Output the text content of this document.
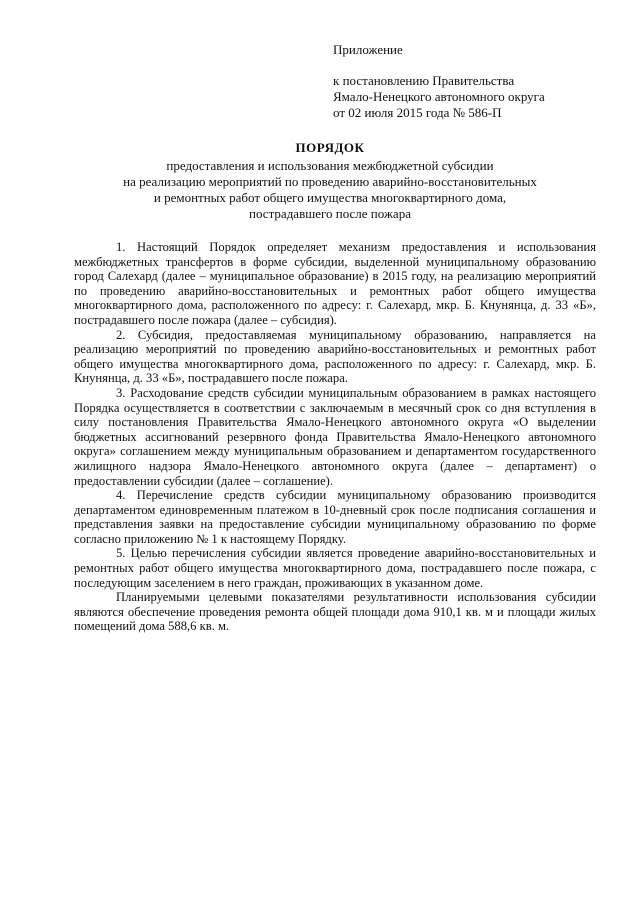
Приложение
к постановлению Правительства
Ямало-Ненецкого автономного округа
от 02 июля 2015 года № 586-П
ПОРЯДОК
предоставления и использования межбюджетной субсидии
на реализацию мероприятий по проведению аварийно-восстановительных
и ремонтных работ общего имущества многоквартирного дома,
пострадавшего после пожара

1. Настоящий Порядок определяет механизм предоставления и использования межбюджетных трансфертов в форме субсидии, выделенной муниципальному образованию город Салехард (далее – муниципальное образование) в 2015 году, на реализацию мероприятий по проведению аварийно-восстановительных и ремонтных работ общего имущества многоквартирного дома, расположенного по адресу: г. Салехард, мкр. Б. Кнунянца, д. 33 «Б», пострадавшего после пожара (далее – субсидия).

2. Субсидия, предоставляемая муниципальному образованию, направляется на реализацию мероприятий по проведению аварийно-восстановительных и ремонтных работ общего имущества многоквартирного дома, расположенного по адресу: г. Салехард, мкр. Б. Кнунянца, д. 33 «Б», пострадавшего после пожара.

3. Расходование средств субсидии муниципальным образованием в рамках настоящего Порядка осуществляется в соответствии с заключаемым в месячный срок со дня вступления в силу постановления Правительства Ямало-Ненецкого автономного округа «О выделении бюджетных ассигнований резервного фонда Правительства Ямало-Ненецкого автономного округа» соглашением между муниципальным образованием и департаментом государственного жилищного надзора Ямало-Ненецкого автономного округа (далее – департамент) о предоставлении субсидии (далее – соглашение).

4. Перечисление средств субсидии муниципальному образованию производится департаментом единовременным платежом в 10-дневный срок после подписания соглашения и представления заявки на предоставление субсидии муниципальному образованию по форме согласно приложению № 1 к настоящему Порядку.

5. Целью перечисления субсидии является проведение аварийно-восстановительных и ремонтных работ общего имущества многоквартирного дома, пострадавшего после пожара, с последующим заселением в него граждан, проживающих в указанном доме.

Планируемыми целевыми показателями результативности использования субсидии являются обеспечение проведения ремонта общей площади дома 910,1 кв. м и площади жилых помещений дома 588,6 кв. м.
